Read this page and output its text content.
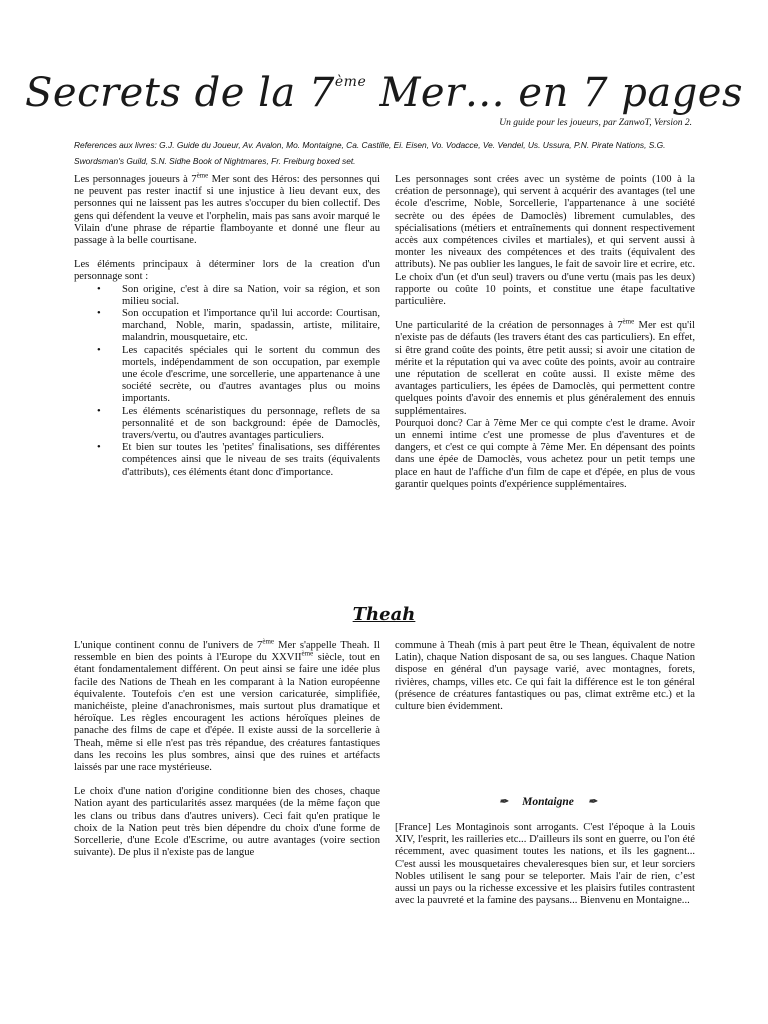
Secrets de la 7ème Mer… en 7 pages
Un guide pour les joueurs, par ZanwoT, Version 2.
References aux livres: G.J. Guide du Joueur, Av. Avalon, Mo. Montaigne, Ca. Castille, Ei. Eisen, Vo. Vodacce, Ve. Vendel, Us. Ussura, P.N. Pirate Nations, S.G. Swordsman's Guild, S.N. Sidhe Book of Nightmares, Fr. Freiburg boxed set.

Les personnages joueurs à 7ème Mer sont des Héros: des personnes qui ne peuvent pas rester inactif si une injustice à lieu devant eux, des personnes qui ne laissent pas les autres s'occuper du bien collectif. Des gens qui défendent la veuve et l'orphelin, mais pas sans avoir marqué le Vilain d'une phrase de répartie flamboyante et donné une fleur au passage à la belle courtisane.

Les éléments principaux à déterminer lors de la creation d'un personnage sont :

• Son origine, c'est à dire sa Nation, voir sa région, et son milieu social.
• Son occupation et l'importance qu'il lui accorde: Courtisan, marchand, Noble, marin, spadassin, artiste, militaire, malandrin, mousquetaire, etc.
• Les capacités spéciales qui le sortent du commun des mortels, indépendamment de son occupation, par exemple une école d'escrime, une sorcellerie, une appartenance à une société secrète, ou d'autres avantages plus ou moins importants.
• Les éléments scénaristiques du personnage, reflets de sa personnalité et de son background: épée de Damoclès, travers/vertu, ou d'autres avantages particuliers.
• Et bien sur toutes les 'petites' finalisations, ses différentes compétences ainsi que le niveau de ses traits (équivalents d'attributs), ces éléments étant donc d'importance.

Les personnages sont crées avec un système de points (100 à la création de personnage), qui servent à acquérir des avantages (tel une école d'escrime, Noble, Sorcellerie, l'appartenance à une société secrète ou des épées de Damoclès) librement cumulables, des spécialisations (métiers et entraînements qui donnent respectivement accès aux compétences civiles et martiales), et qui servent aussi à monter les niveaux des compétences et des traits (équivalent des attributs). Ne pas oublier les langues, le fait de savoir lire et ecrire, etc. Le choix d'un (et d'un seul) travers ou d'une vertu (mais pas les deux) rapporte ou coûte 10 points, et constitue une étape facultative particulière.

Une particularité de la création de personnages à 7ème Mer est qu'il n'existe pas de défauts (les travers étant des cas particuliers). En effet, si être grand coûte des points, être petit aussi; si avoir une citation de mérite et la réputation qui va avec coûte des points, avoir au contraire une réputation de scellerat en coûte aussi. Il existe même des avantages particuliers, les épées de Damoclès, qui permettent contre quelques points d'avoir des ennemis et plus généralement des ennuis supplémentaires.

Pourquoi donc? Car à 7ème Mer ce qui compte c'est le drame. Avoir un ennemi intime c'est une promesse de plus d'aventures et de dangers, et c'est ce qui compte à 7ème Mer. En dépensant des points dans une épée de Damoclès, vous achetez pour un petit temps une place en haut de l'affiche d'un film de cape et d'épée, en plus de vous garantir quelques points d'expérience supplémentaires.

Theah

L'unique continent connu de l'univers de 7ème Mer s'appelle Theah. Il ressemble en bien des points à l'Europe du XXVIIème siècle, tout en étant fondamentalement différent. On peut ainsi se faire une idée plus facile des Nations de Theah en les comparant à la Nation européenne équivalente. Toutefois c'en est une version caricaturée, simplifiée, manichéiste, pleine d'anachronismes, mais surtout plus dramatique et héroïque. Les règles encouragent les actions héroïques pleines de panache des films de cape et d'épée. Il existe aussi de la sorcellerie à Theah, même si elle n'est pas très répandue, des créatures fantastiques dans les recoins les plus sombres, ainsi que des ruines et artéfacts laissés par une race mystérieuse.

Le choix d'une nation d'origine conditionne bien des choses, chaque Nation ayant des particularités assez marquées (de la même façon que les clans ou tribus dans d'autres univers). Ceci fait qu'en pratique le choix de la Nation peut très bien dépendre du choix d'une forme de Sorcellerie, d'une Ecole d'Escrime, ou autre avantages (voire section suivante). De plus il n'existe pas de langue

commune à Theah (mis à part peut être le Thean, équivalent de notre Latin), chaque Nation disposant de sa, ou ses langues. Chaque Nation dispose en général d'un paysage varié, avec montagnes, forets, rivières, champs, villes etc. Ce qui fait la différence est le ton général (présence de créatures fantastiques ou pas, climat extrême etc.) et la culture bien évidemment.

✒ Montaigne ✒

[France] Les Montaginois sont arrogants. C'est l'époque à la Louis XIV, l'esprit, les railleries etc... D'ailleurs ils sont en guerre, ou l'on été récemment, avec quasiment toutes les nations, et ils les gagnent... C'est aussi les mousquetaires chevaleresques bien sur, et leur sorciers Nobles utilisent le sang pour se teleporter. Mais l'air de rien, c’est aussi un pays ou la richesse excessive et les plaisirs futiles contrastent avec la pauvreté et la famine des paysans... Bienvenu en Montaigne...
